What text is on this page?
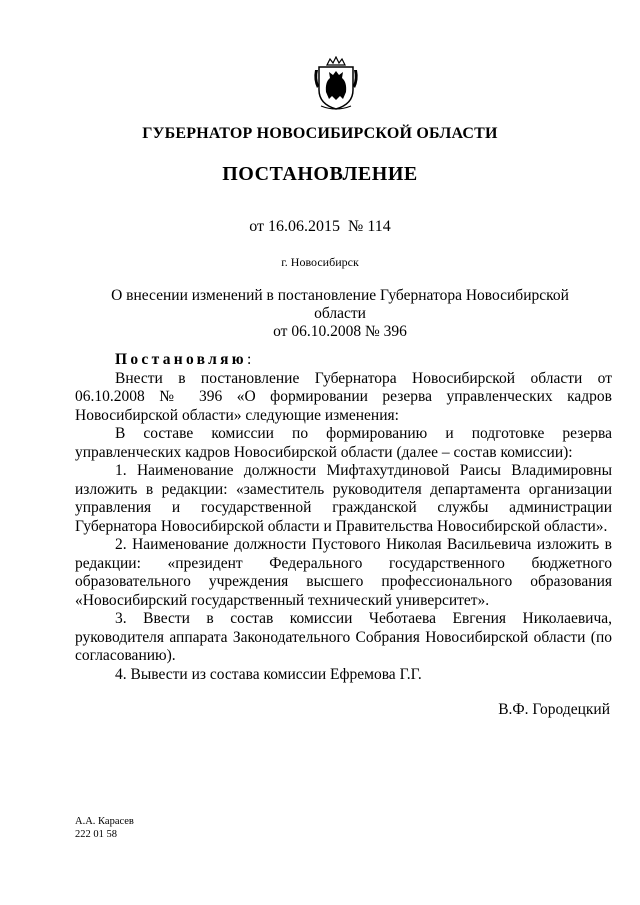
ГУБЕРНАТОР НОВОСИБИРСКОЙ ОБЛАСТИ
ПОСТАНОВЛЕНИЕ
от 16.06.2015 № 114
г. Новосибирск
О внесении изменений в постановление Губернатора Новосибирской области
от 06.10.2008 № 396

Постановляю:

Внести в постановление Губернатора Новосибирской области от 06.10.2008 № 396 «О формировании резерва управленческих кадров Новосибирской области» следующие изменения:

В составе комиссии по формированию и подготовке резерва управленческих кадров Новосибирской области (далее – состав комиссии):

1. Наименование должности Мифтахутдиновой Раисы Владимировны изложить в редакции: «заместитель руководителя департамента организации управления и государственной гражданской службы администрации Губернатора Новосибирской области и Правительства Новосибирской области».

2. Наименование должности Пустового Николая Васильевича изложить в редакции: «президент Федерального государственного бюджетного образовательного учреждения высшего профессионального образования «Новосибирский государственный технический университет».

3. Ввести в состав комиссии Чеботаева Евгения Николаевича, руководителя аппарата Законодательного Собрания Новосибирской области (по согласованию).

4. Вывести из состава комиссии Ефремова Г.Г.

В.Ф. Городецкий
А.А. Карасев
222 01 58
